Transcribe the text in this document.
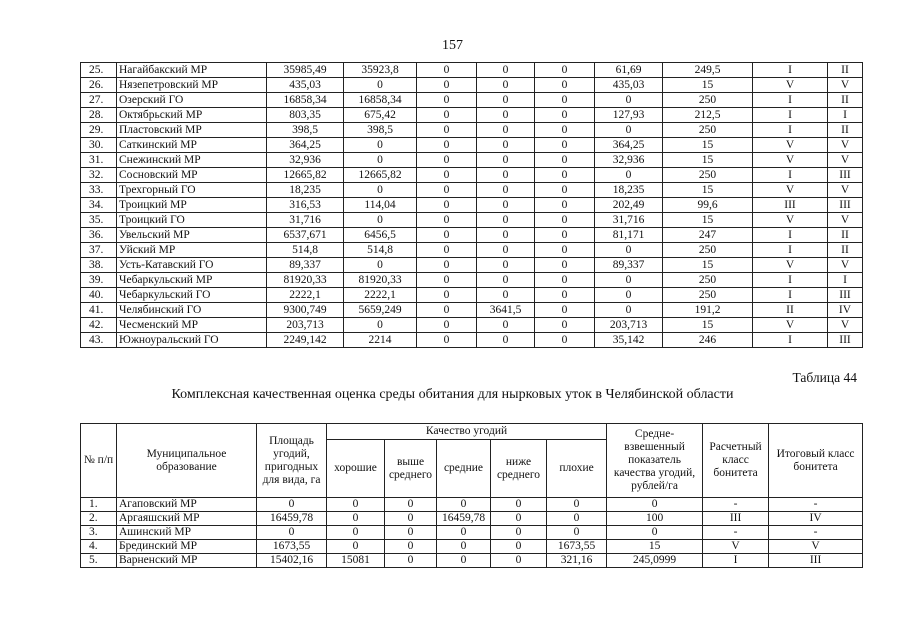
157
25.	Нагайбакский МР	35985,49	35923,8	0	0	0	61,69	249,5	I	II
26.	Нязепетровский МР	435,03	0	0	0	0	435,03	15	V	V
27.	Озерский ГО	16858,34	16858,34	0	0	0	0	250	I	II
28.	Октябрьский МР	803,35	675,42	0	0	0	127,93	212,5	I	I
29.	Пластовский МР	398,5	398,5	0	0	0	0	250	I	II
30.	Саткинский МР	364,25	0	0	0	0	364,25	15	V	V
31.	Снежинский МР	32,936	0	0	0	0	32,936	15	V	V
32.	Сосновский МР	12665,82	12665,82	0	0	0	0	250	I	III
33.	Трехгорный ГО	18,235	0	0	0	0	18,235	15	V	V
34.	Троицкий МР	316,53	114,04	0	0	0	202,49	99,6	III	III
35.	Троицкий ГО	31,716	0	0	0	0	31,716	15	V	V
36.	Увельский МР	6537,671	6456,5	0	0	0	81,171	247	I	II
37.	Уйский МР	514,8	514,8	0	0	0	0	250	I	II
38.	Усть-Катавский ГО	89,337	0	0	0	0	89,337	15	V	V
39.	Чебаркульский МР	81920,33	81920,33	0	0	0	0	250	I	I
40.	Чебаркульский ГО	2222,1	2222,1	0	0	0	0	250	I	III
41.	Челябинский ГО	9300,749	5659,249	0	3641,5	0	0	191,2	II	IV
42.	Чесменский МР	203,713	0	0	0	0	203,713	15	V	V
43.	Южноуральский ГО	2249,142	2214	0	0	0	35,142	246	I	III
Таблица 44
Комплексная качественная оценка среды обитания для нырковых уток в Челябинской области
№ п/п	Муниципальное образование	Площадь угодий, пригодных для вида, га	Качество угодий					Средне-взвешенный показатель качества угодий, рублей/га	Расчетный класс бонитета	Итоговый класс бонитета
			хорошие	выше среднего	средние	ниже среднего	плохие			
1.	Агаповский МР	0	0	0	0	0	0	0	-	-
2.	Аргаяшский МР	16459,78	0	0	16459,78	0	0	100	III	IV
3.	Ашинский МР	0	0	0	0	0	0	0	-	-
4.	Брединский МР	1673,55	0	0	0	0	1673,55	15	V	V
5.	Варненский МР	15402,16	15081	0	0	0	321,16	245,0999	I	III
